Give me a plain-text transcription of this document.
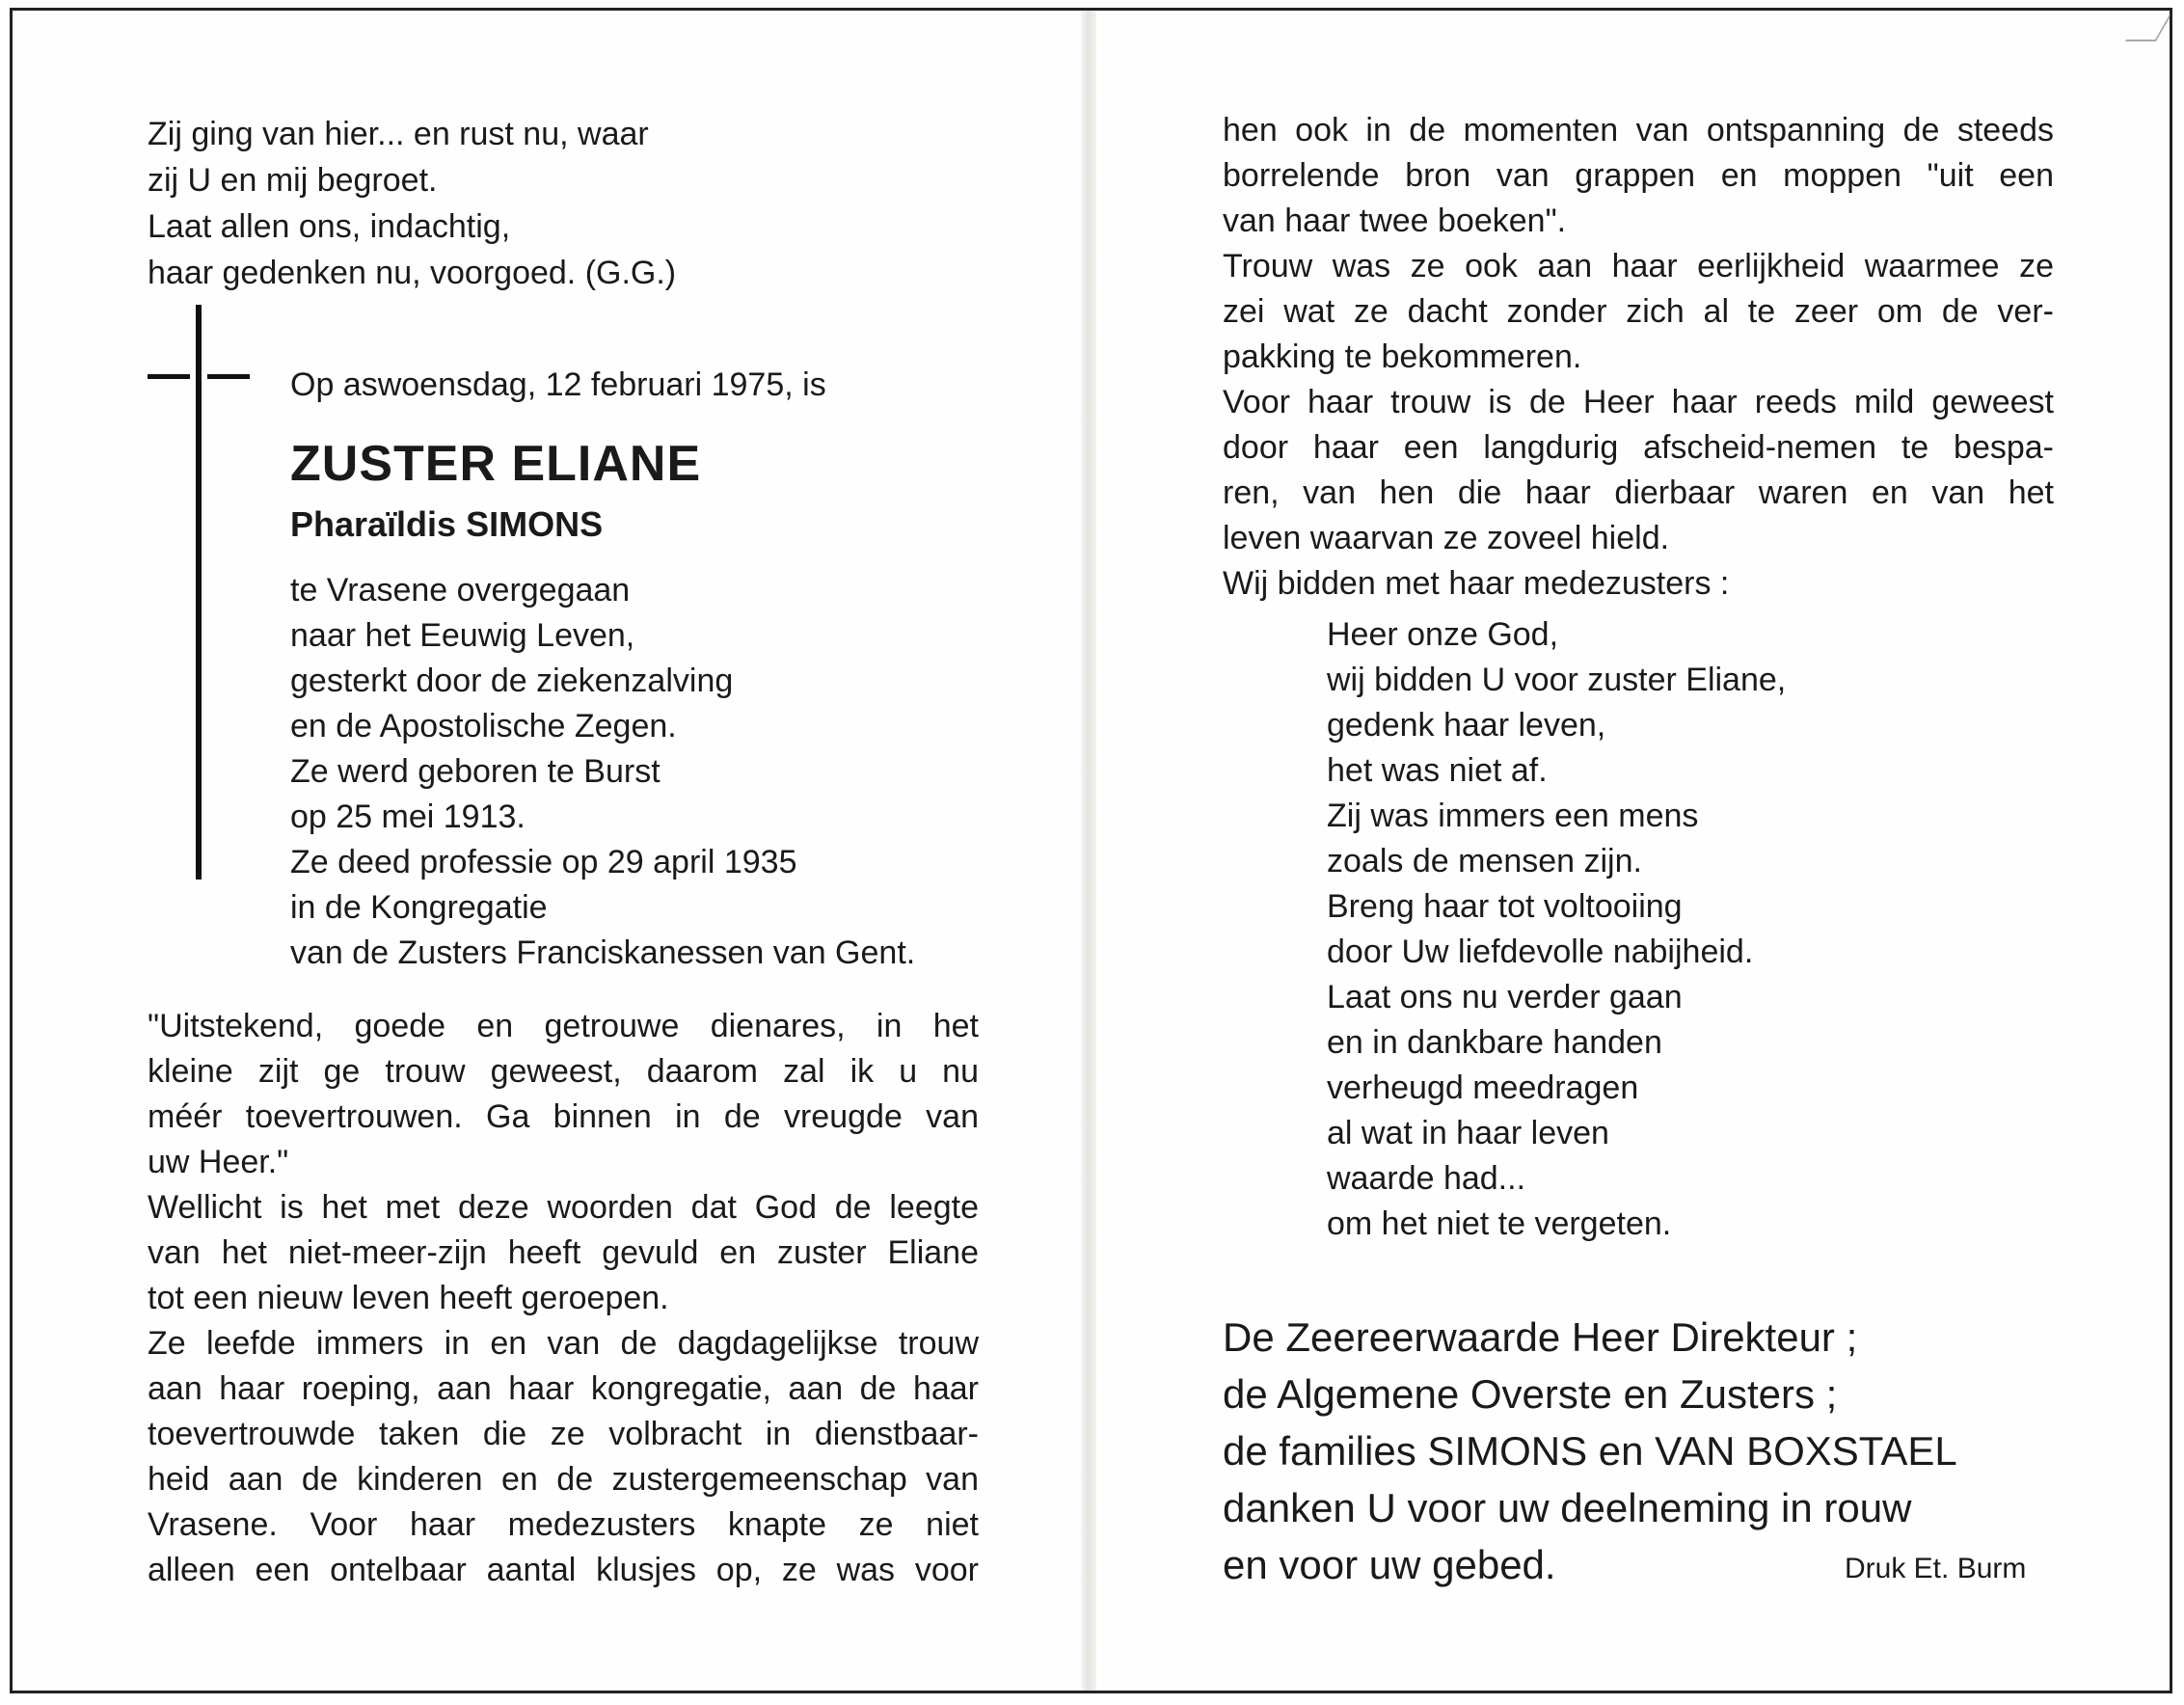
Zij ging van hier... en rust nu, waar
zij U en mij begroet.
Laat allen ons, indachtig,
haar gedenken nu, voorgoed. (G.G.)
Op aswoensdag, 12 februari 1975, is
ZUSTER ELIANE
Pharaïldis SIMONS
te Vrasene overgegaan
naar het Eeuwig Leven,
gesterkt door de ziekenzalving
en de Apostolische Zegen.
Ze werd geboren te Burst
op 25 mei 1913.
Ze deed professie op 29 april 1935
in de Kongregatie
van de Zusters Franciskanessen van Gent.
"Uitstekend, goede en getrouwe dienares, in het
kleine zijt ge trouw geweest, daarom zal ik u nu
méér toevertrouwen. Ga binnen in de vreugde van
uw Heer."
Wellicht is het met deze woorden dat God de leegte
van het niet-meer-zijn heeft gevuld en zuster Eliane
tot een nieuw leven heeft geroepen.
Ze leefde immers in en van de dagdagelijkse trouw
aan haar roeping, aan haar kongregatie, aan de haar
toevertrouwde taken die ze volbracht in dienstbaar-
heid aan de kinderen en de zustergemeenschap van
Vrasene. Voor haar medezusters knapte ze niet
alleen een ontelbaar aantal klusjes op, ze was voor
hen ook in de momenten van ontspanning de steeds
borrelende bron van grappen en moppen "uit een
van haar twee boeken".
Trouw was ze ook aan haar eerlijkheid waarmee ze
zei wat ze dacht zonder zich al te zeer om de ver-
pakking te bekommeren.
Voor haar trouw is de Heer haar reeds mild geweest
door haar een langdurig afscheid-nemen te bespa-
ren, van hen die haar dierbaar waren en van het
leven waarvan ze zoveel hield.
Wij bidden met haar medezusters :
Heer onze God,
wij bidden U voor zuster Eliane,
gedenk haar leven,
het was niet af.
Zij was immers een mens
zoals de mensen zijn.
Breng haar tot voltooiing
door Uw liefdevolle nabijheid.
Laat ons nu verder gaan
en in dankbare handen
verheugd meedragen
al wat in haar leven
waarde had...
om het niet te vergeten.
De Zeereerwaarde Heer Direkteur ;
de Algemene Overste en Zusters ;
de families SIMONS en VAN BOXSTAEL
danken U voor uw deelneming in rouw
en voor uw gebed.	Druk Et. Burm
